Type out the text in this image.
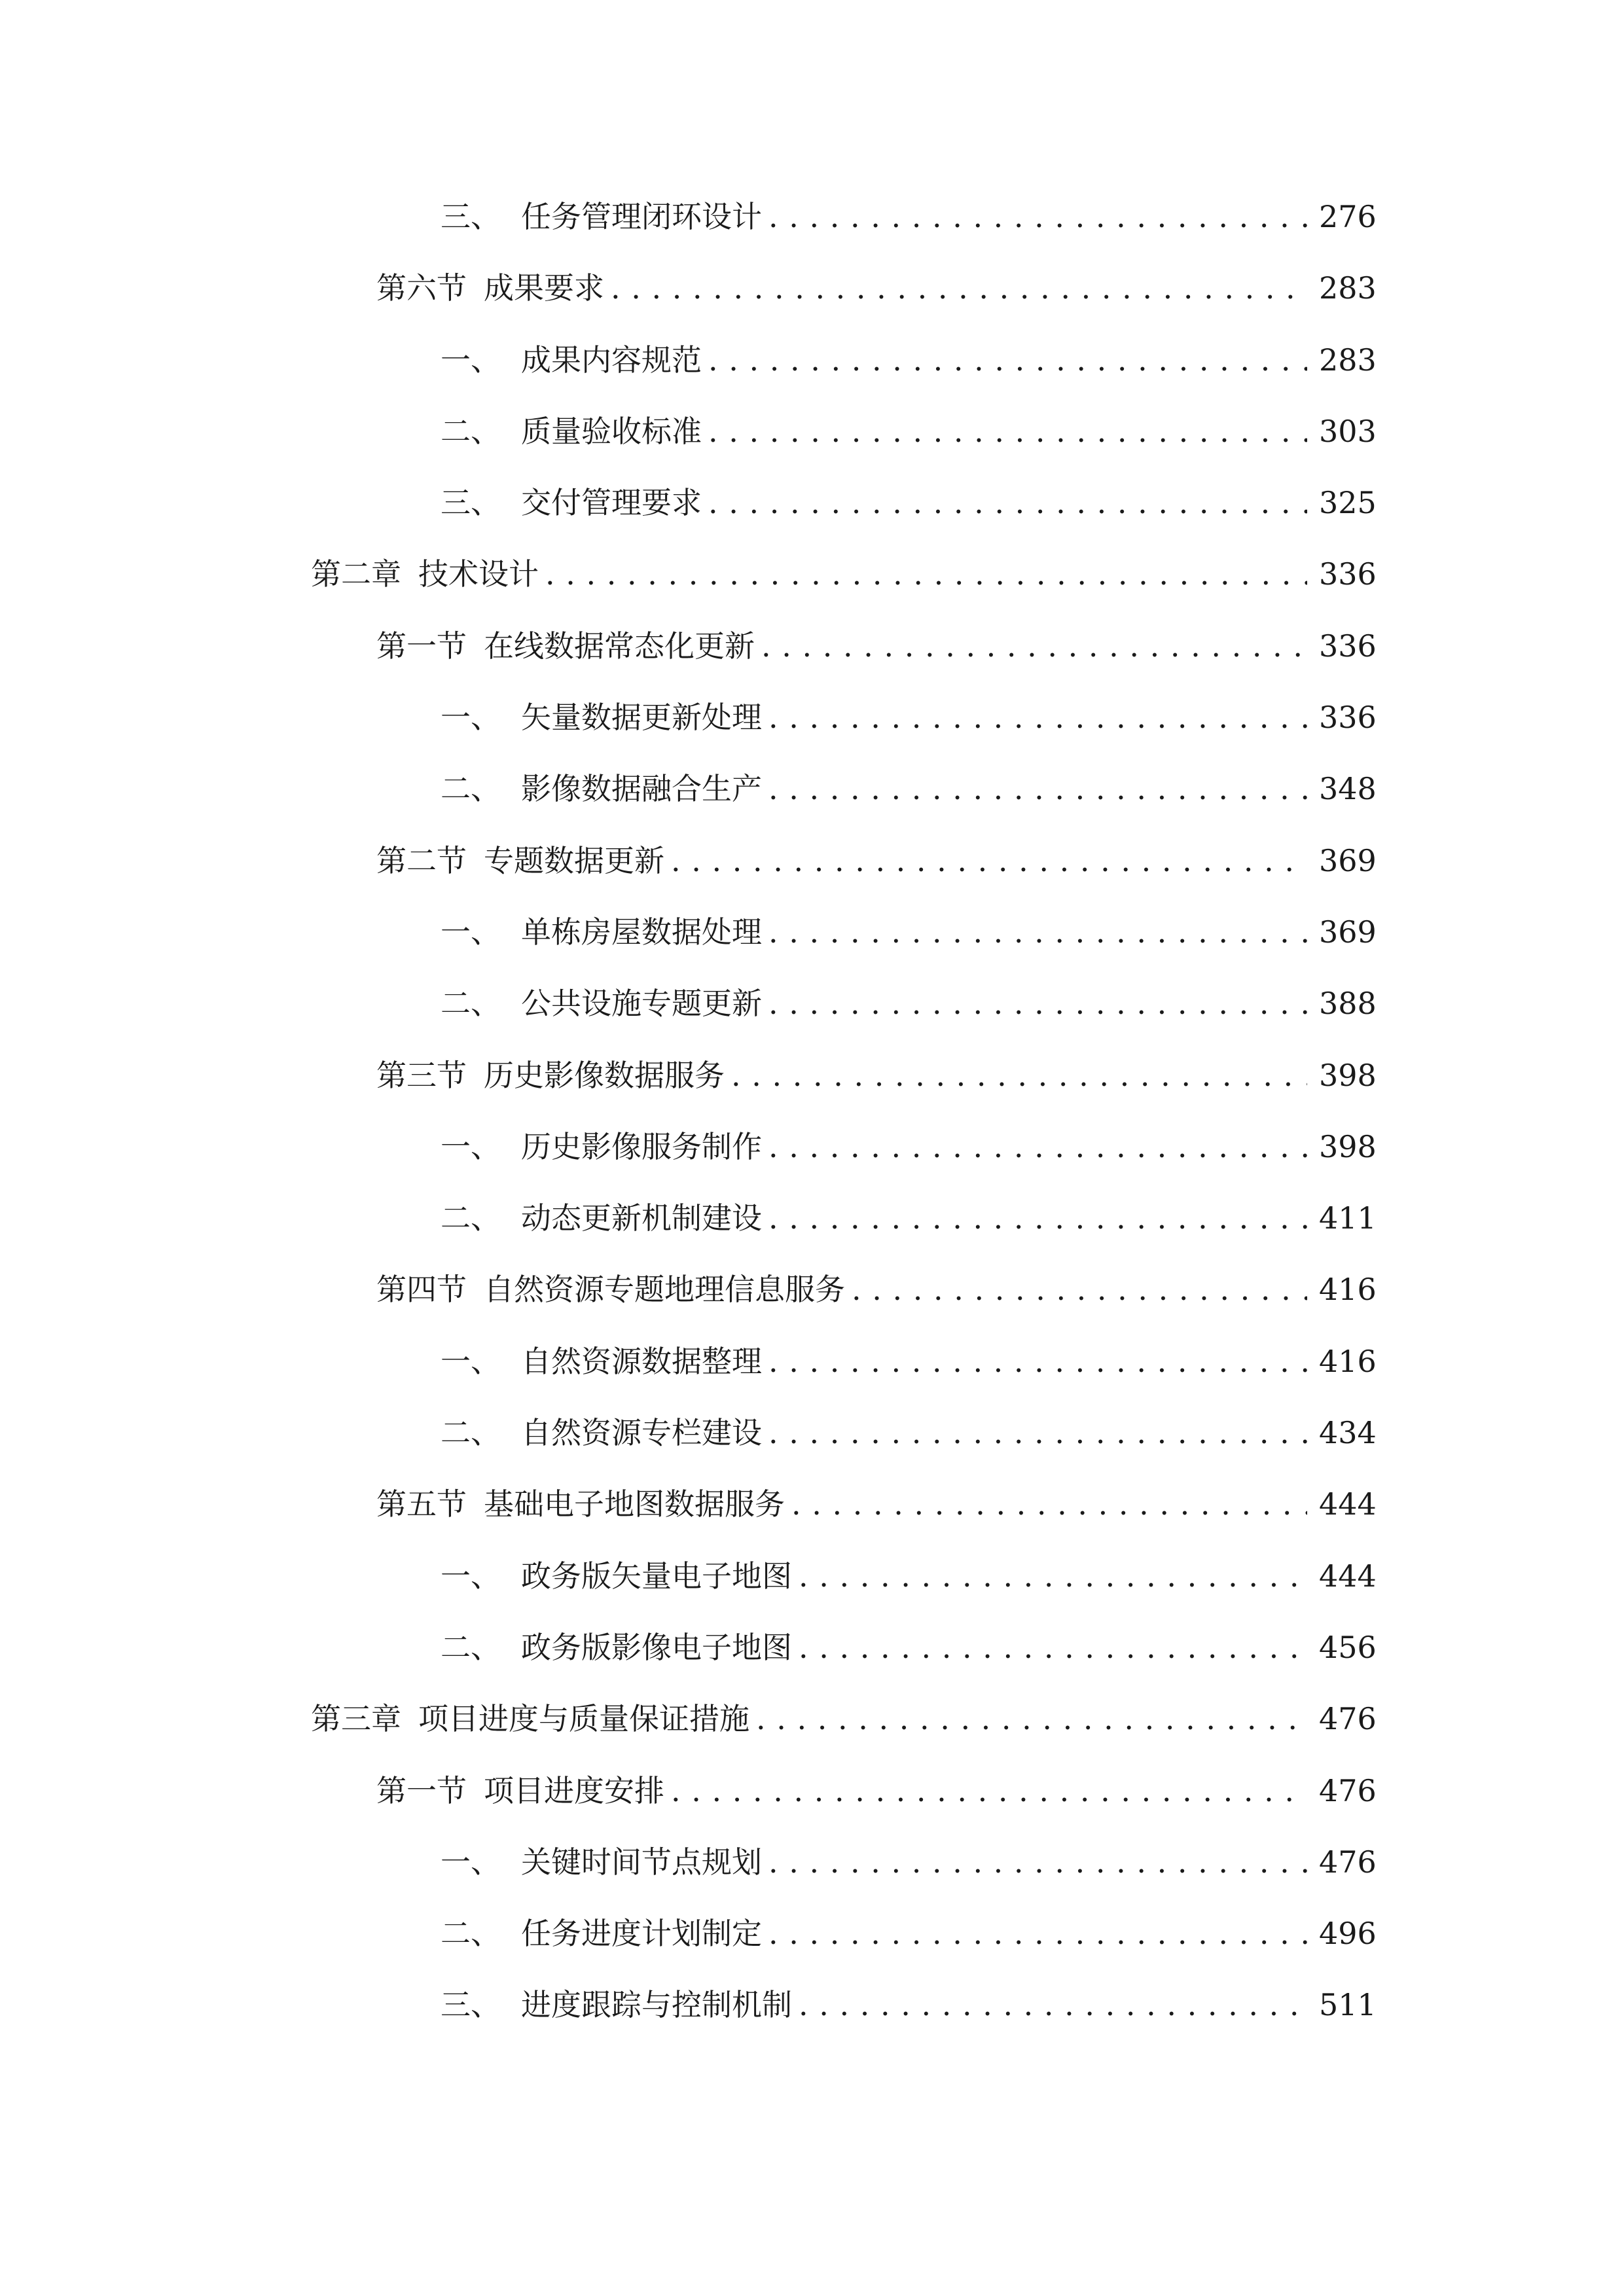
三、 任务管理闭环设计 . . .	276
第六节 成果要求 . . .	283
一、 成果内容规范 . . .	283
二、 质量验收标准 . . .	303
三、 交付管理要求 . . .	325
第二章 技术设计 . . .	336
第一节 在线数据常态化更新 . . .	336
一、 矢量数据更新处理 . . .	336
二、 影像数据融合生产 . . .	348
第二节 专题数据更新 . . .	369
一、 单栋房屋数据处理 . . .	369
二、 公共设施专题更新 . . .	388
第三节 历史影像数据服务 . . .	398
一、 历史影像服务制作 . . .	398
二、 动态更新机制建设 . . .	411
第四节 自然资源专题地理信息服务 . . .	416
一、 自然资源数据整理 . . .	416
二、 自然资源专栏建设 . . .	434
第五节 基础电子地图数据服务 . . .	444
一、 政务版矢量电子地图 . . .	444
二、 政务版影像电子地图 . . .	456
第三章 项目进度与质量保证措施 . . .	476
第一节 项目进度安排 . . .	476
一、 关键时间节点规划 . . .	476
二、 任务进度计划制定 . . .	496
三、 进度跟踪与控制机制 . . .	511
